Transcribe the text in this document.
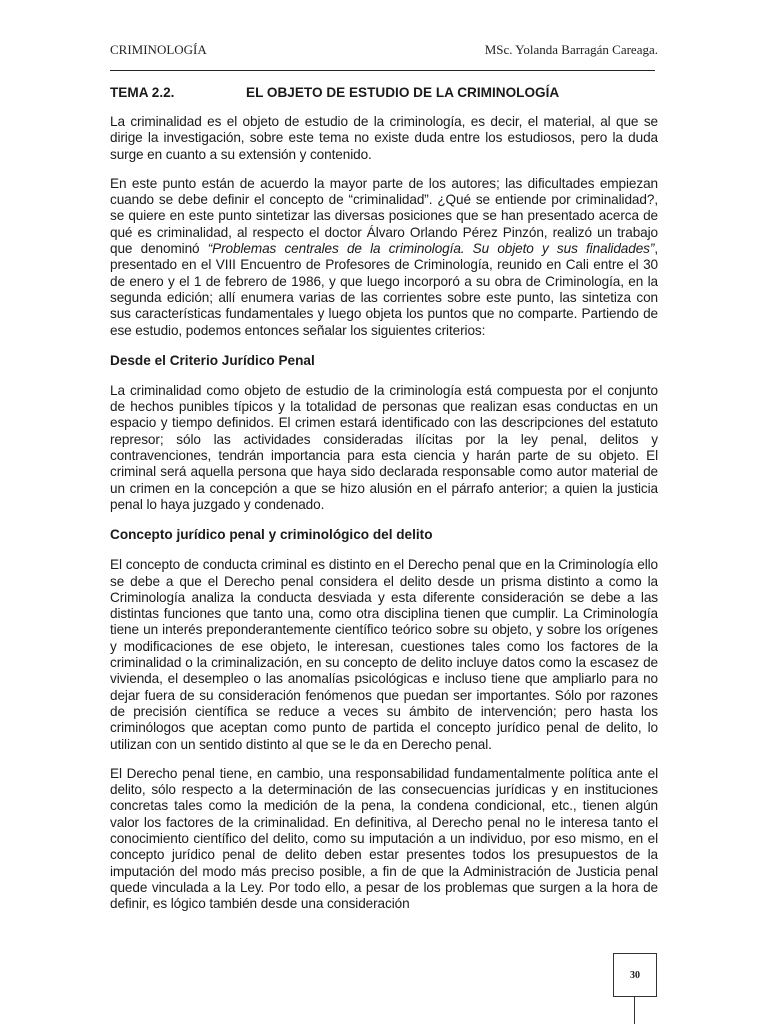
CRIMINOLOGÍA	MSc. Yolanda Barragán Careaga.
TEMA 2.2.	EL OBJETO DE ESTUDIO DE LA CRIMINOLOGÍA

La criminalidad es el objeto de estudio de la criminología, es decir, el material, al que se dirige la investigación, sobre este tema no existe duda entre los estudiosos, pero la duda surge en cuanto a su extensión y contenido.

En este punto están de acuerdo la mayor parte de los autores; las dificultades empiezan cuando se debe definir el concepto de “criminalidad”. ¿Qué se entiende por criminalidad?, se quiere en este punto sintetizar las diversas posiciones que se han presentado acerca de qué es criminalidad, al respecto el doctor Álvaro Orlando Pérez Pinzón, realizó un trabajo que denominó “Problemas centrales de la criminología. Su objeto y sus finalidades”, presentado en el VIII Encuentro de Profesores de Criminología, reunido en Cali entre el 30 de enero y el 1 de febrero de 1986, y que luego incorporó a su obra de Criminología, en la segunda edición; allí enumera varias de las corrientes sobre este punto, las sintetiza con sus características fundamentales y luego objeta los puntos que no comparte. Partiendo de ese estudio, podemos entonces señalar los siguientes criterios:

Desde el Criterio Jurídico Penal

La criminalidad como objeto de estudio de la criminología está compuesta por el conjunto de hechos punibles típicos y la totalidad de personas que realizan esas conductas en un espacio y tiempo definidos. El crimen estará identificado con las descripciones del estatuto represor; sólo las actividades consideradas ilícitas por la ley penal, delitos y contravenciones, tendrán importancia para esta ciencia y harán parte de su objeto. El criminal será aquella persona que haya sido declarada responsable como autor material de un crimen en la concepción a que se hizo alusión en el párrafo anterior; a quien la justicia penal lo haya juzgado y condenado.

Concepto jurídico penal y criminológico del delito

El concepto de conducta criminal es distinto en el Derecho penal que en la Criminología ello se debe a que el Derecho penal considera el delito desde un prisma distinto a como la Criminología analiza la conducta desviada y esta diferente consideración se debe a las distintas funciones que tanto una, como otra disciplina tienen que cumplir. La Criminología tiene un interés preponderantemente científico teórico sobre su objeto, y sobre los orígenes y modificaciones de ese objeto, le interesan, cuestiones tales como los factores de la criminalidad o la criminalización, en su concepto de delito incluye datos como la escasez de vivienda, el desempleo o las anomalías psicológicas e incluso tiene que ampliarlo para no dejar fuera de su consideración fenómenos que puedan ser importantes. Sólo por razones de precisión científica se reduce a veces su ámbito de intervención; pero hasta los criminólogos que aceptan como punto de partida el concepto jurídico penal de delito, lo utilizan con un sentido distinto al que se le da en Derecho penal.

El Derecho penal tiene, en cambio, una responsabilidad fundamentalmente política ante el delito, sólo respecto a la determinación de las consecuencias jurídicas y en instituciones concretas tales como la medición de la pena, la condena condicional, etc., tienen algún valor los factores de la criminalidad. En definitiva, al Derecho penal no le interesa tanto el conocimiento científico del delito, como su imputación a un individuo, por eso mismo, en el concepto jurídico penal de delito deben estar presentes todos los presupuestos de la imputación del modo más preciso posible, a fin de que la Administración de Justicia penal quede vinculada a la Ley. Por todo ello, a pesar de los problemas que surgen a la hora de definir, es lógico también desde una consideración

30
